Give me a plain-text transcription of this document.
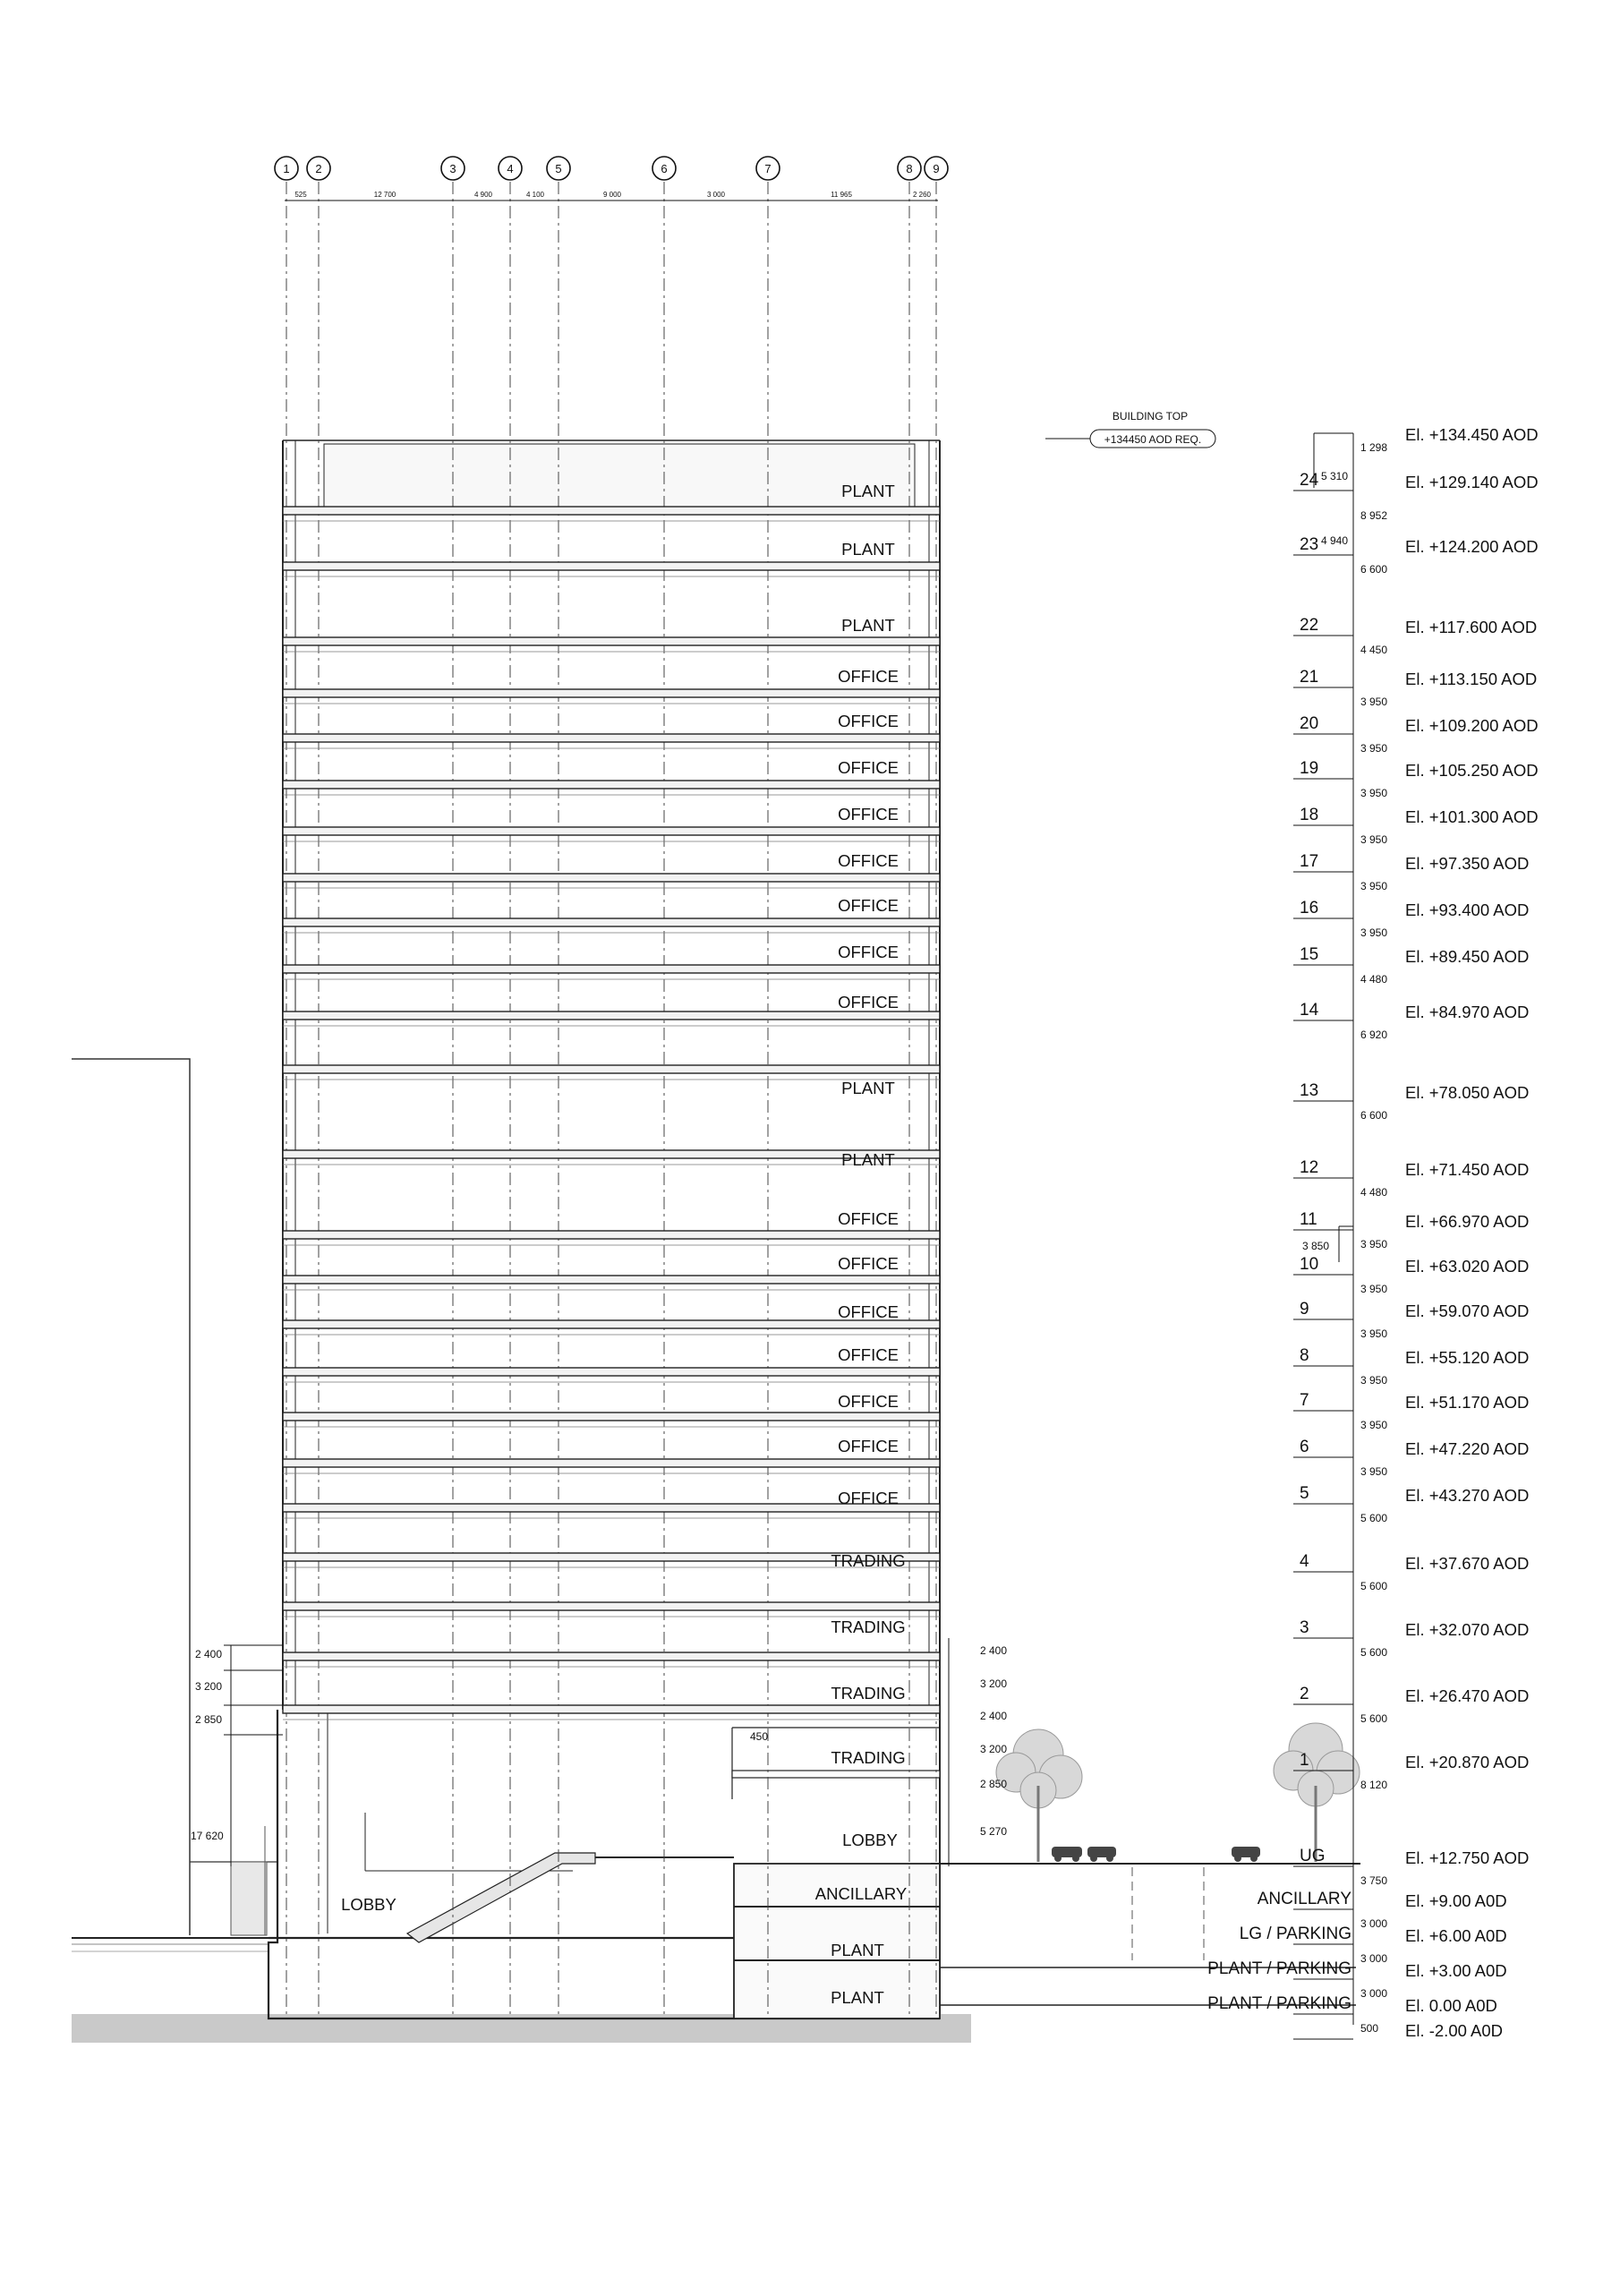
PLANT
PLANT
PLANT
OFFICE
OFFICE
OFFICE
OFFICE
OFFICE
OFFICE
OFFICE
OFFICE
PLANT
PLANT
OFFICE
OFFICE
OFFICE
OFFICE
OFFICE
OFFICE
OFFICE
TRADING
TRADING
TRADING
TRADING
1 2	3	4	5	6	7	8 9
525	12 700	4 900	4 100	9 000	3 000	11 965	2 260
BUILDING TOP
+134450 AOD REQ.
1 298
8 952
3 850
El. +134.450 AOD
5 310
24	El. +129.140 AOD
4 940
23	El. +124.200 AOD
6 600
22	El. +117.600 AOD
4 450
21	El. +113.150 AOD
3 950
20	El. +109.200 AOD
3 950
19	El. +105.250 AOD
3 950
18	El. +101.300 AOD
3 950
17	El. +97.350 AOD
3 950
16	El. +93.400 AOD
3 950
15	El. +89.450 AOD
4 480
14	El. +84.970 AOD
6 920
13	El. +78.050 AOD
6 600
12	El. +71.450 AOD
4 480
11	El. +66.970 AOD
3 950
10	El. +63.020 AOD
3 950
9	El. +59.070 AOD
3 950
8	El. +55.120 AOD
3 950
7	El. +51.170 AOD
3 950
6	El. +47.220 AOD
3 950
5	El. +43.270 AOD
5 600
4	El. +37.670 AOD
5 600
3	El. +32.070 AOD
5 600
2	El. +26.470 AOD
5 600
1	El. +20.870 AOD
8 120
UG	El. +12.750 AOD
3 750
ANCILLARY	El. +9.00 A0D
3 000
LG / PARKING	El. +6.00 A0D
3 000
PLANT / PARKING	El. +3.00 A0D
3 000
PLANT / PARKING	El. 0.00 A0D
500 El. -2.00 A0D
2 400
3 200
2 850
17 620
2 400
3 200
2 400
3 200
2 850
5 270
450
LOBBY
LOBBY
ANCILLARY
PLANT
PLANT
